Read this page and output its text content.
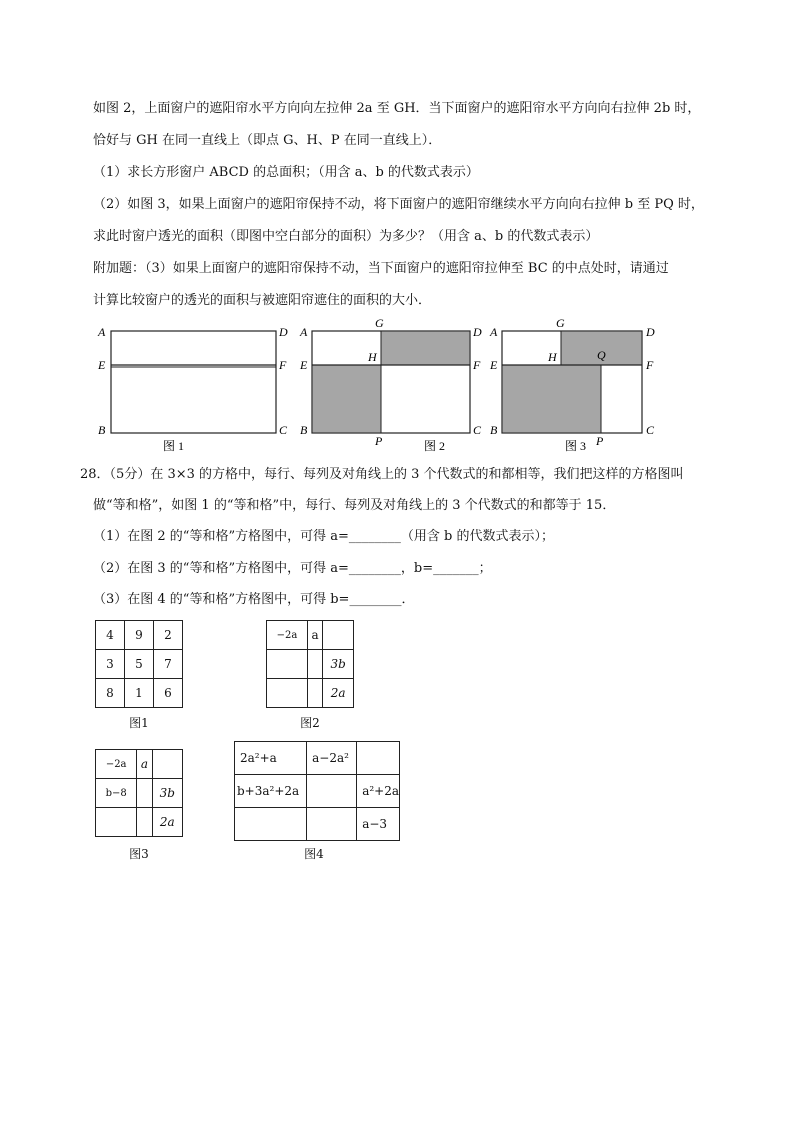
如图 2，上面窗户的遮阳帘水平方向向左拉伸 2a 至 GH．当下面窗户的遮阳帘水平方向向右拉伸 2b 时，
恰好与 GH 在同一直线上（即点 G、H、P 在同一直线上）．
（1）求长方形窗户 ABCD 的总面积；（用含 a、b 的代数式表示）
（2）如图 3，如果上面窗户的遮阳帘保持不动，将下面窗户的遮阳帘继续水平方向向右拉伸 b 至 PQ 时，
求此时窗户透光的面积（即图中空白部分的面积）为多少？（用含 a、b 的代数式表示）
附加题：（3）如果上面窗户的遮阳帘保持不动，当下面窗户的遮阳帘拉伸至 BC 的中点处时，请通过
计算比较窗户的透光的面积与被遮阳帘遮住的面积的大小．
A
E
B
D
F
C
图 1
A
E
B
D
F
C
G
H
P	图 2
A
E
B
D
F
C
G
H	Q
P
图 3
28．（5分）在 3×3 的方格中，每行、每列及对角线上的 3 个代数式的和都相等，我们把这样的方格图叫
做“等和格”，如图 1 的“等和格”中，每行、每列及对角线上的 3 个代数式的和都等于 15．
（1）在图 2 的“等和格”方格图中，可得 a=________（用含 b 的代数式表示）；
（2）在图 3 的“等和格”方格图中，可得 a=________，b=_______；
（3）在图 4 的“等和格”方格图中，可得 b=________．
4	9	2
3	5	7
8	1	6
图1
−2a	a	
		3b
		2a
图2
−2a	a	
b−8		3b
		2a
图3
2a²+a	a−2a²	
b+3a²+2a		a²+2a
		a−3
图4
